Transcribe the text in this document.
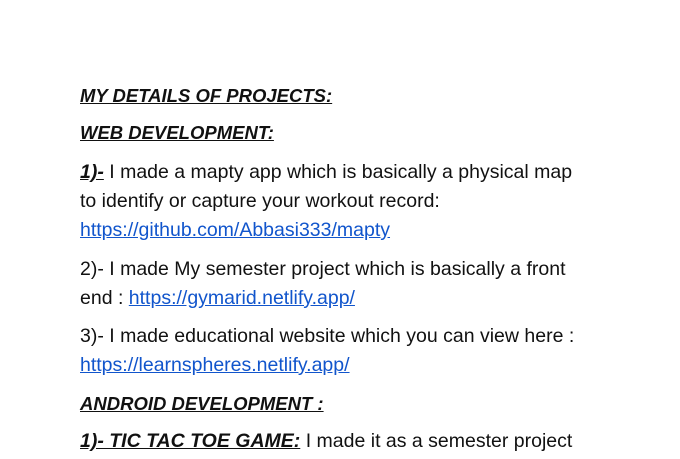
MY DETAILS OF PROJECTS:
WEB DEVELOPMENT:
1)- I made a mapty app which is basically a physical map
to identify or capture your workout record:
https://github.com/Abbasi333/mapty
2)- I made My semester project which is basically a front
end : https://gymarid.netlify.app/
3)- I made educational website which you can view here :
https://learnspheres.netlify.app/
ANDROID DEVELOPMENT :
1)- TIC TAC TOE GAME: I made it as a semester project
